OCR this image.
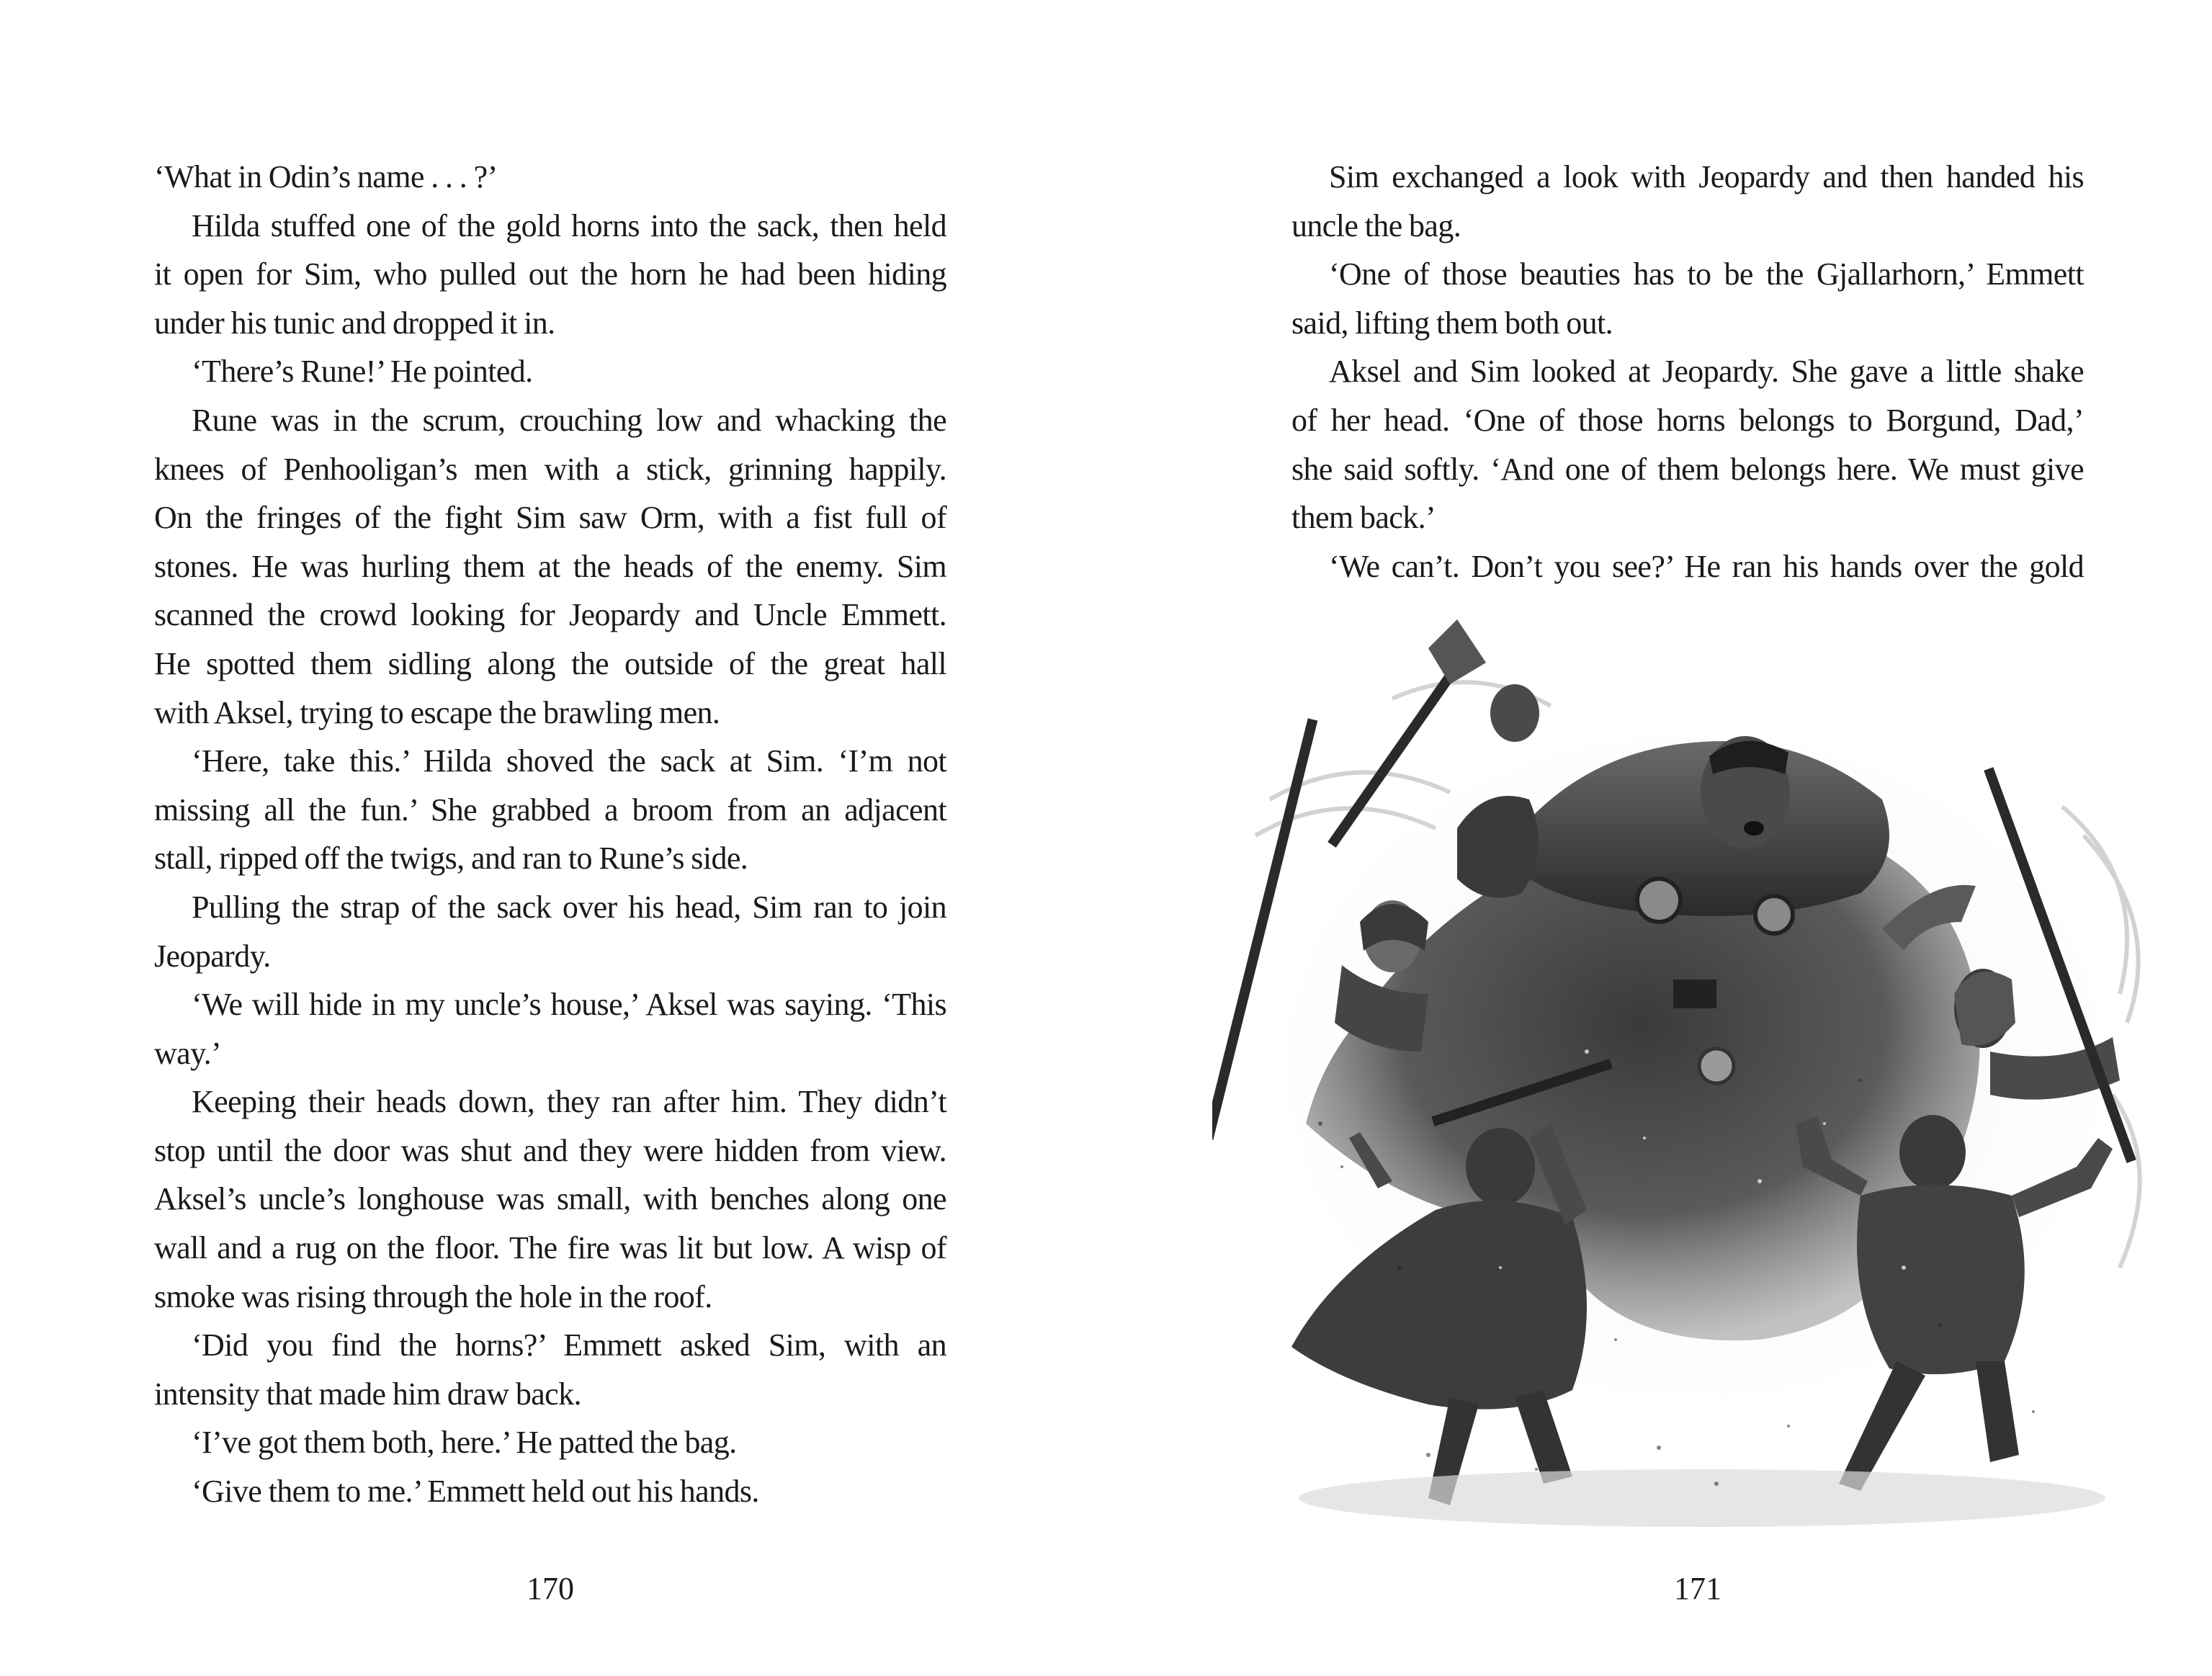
‘What in Odin’s name . . . ?’
Hilda stuffed one of the gold horns into the sack, then held
it open for Sim, who pulled out the horn he had been hiding
under his tunic and dropped it in.
‘There’s Rune!’ He pointed.
Rune was in the scrum, crouching low and whacking the
knees of Penhooligan’s men with a stick, grinning happily.
On the fringes of the fight Sim saw Orm, with a fist full of
stones. He was hurling them at the heads of the enemy. Sim
scanned the crowd looking for Jeopardy and Uncle Emmett.
He spotted them sidling along the outside of the great hall
with Aksel, trying to escape the brawling men.
‘Here, take this.’ Hilda shoved the sack at Sim. ‘I’m not
missing all the fun.’ She grabbed a broom from an adjacent
stall, ripped off the twigs, and ran to Rune’s side.
Pulling the strap of the sack over his head, Sim ran to join
Jeopardy.
‘We will hide in my uncle’s house,’ Aksel was saying. ‘This
way.’
Keeping their heads down, they ran after him. They didn’t
stop until the door was shut and they were hidden from view.
Aksel’s uncle’s longhouse was small, with benches along one
wall and a rug on the floor. The fire was lit but low. A wisp of
smoke was rising through the hole in the roof.
‘Did you find the horns?’ Emmett asked Sim, with an
intensity that made him draw back.
‘I’ve got them both, here.’ He patted the bag.
‘Give them to me.’ Emmett held out his hands.
170
Sim exchanged a look with Jeopardy and then handed his
uncle the bag.
‘One of those beauties has to be the Gjallarhorn,’ Emmett
said, lifting them both out.
Aksel and Sim looked at Jeopardy. She gave a little shake
of her head. ‘One of those horns belongs to Borgund, Dad,’
she said softly. ‘And one of them belongs here. We must give
them back.’
‘We can’t. Don’t you see?’ He ran his hands over the gold
171
